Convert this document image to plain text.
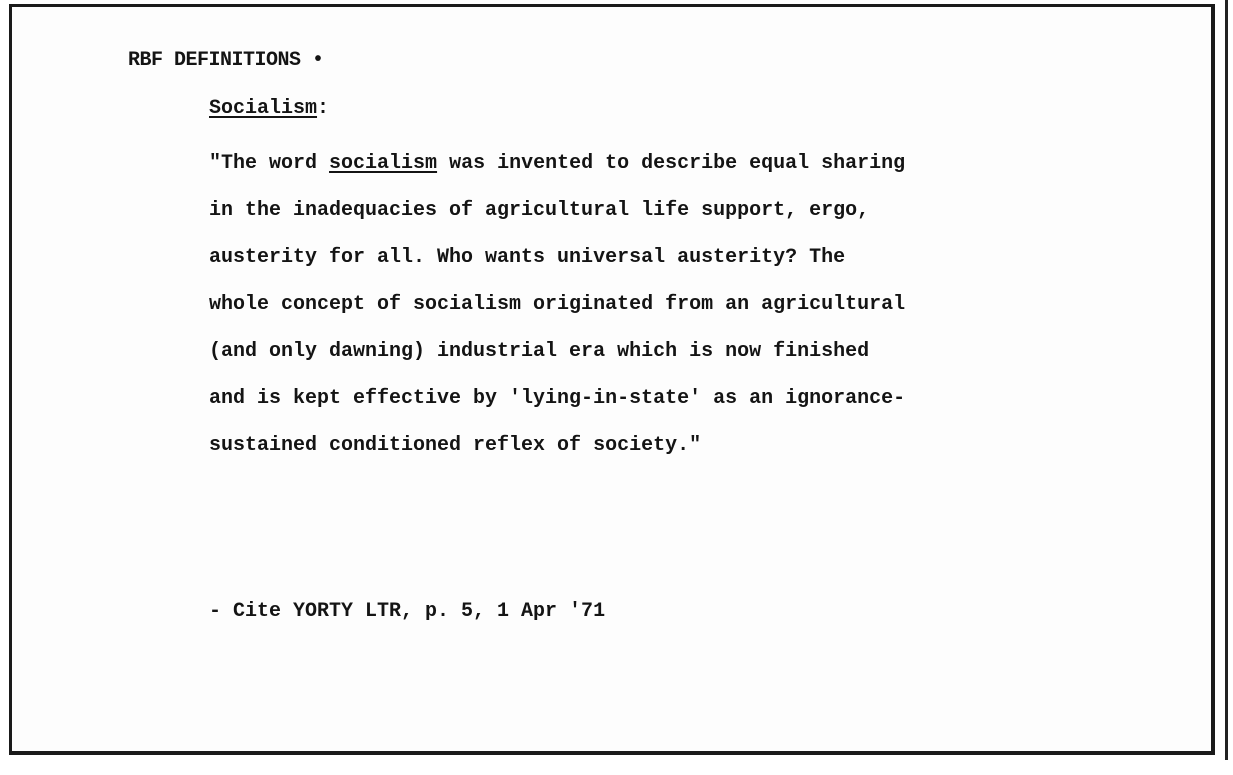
RBF DEFINITIONS •
Socialism:
"The word socialism was invented to describe equal sharing
in the inadequacies of agricultural life support, ergo,
austerity for all. Who wants universal austerity? The
whole concept of socialism originated from an agricultural
(and only dawning) industrial era which is now finished
and is kept effective by 'lying-in-state' as an ignorance-
sustained conditioned reflex of society."
- Cite YORTY LTR, p. 5, 1 Apr '71
